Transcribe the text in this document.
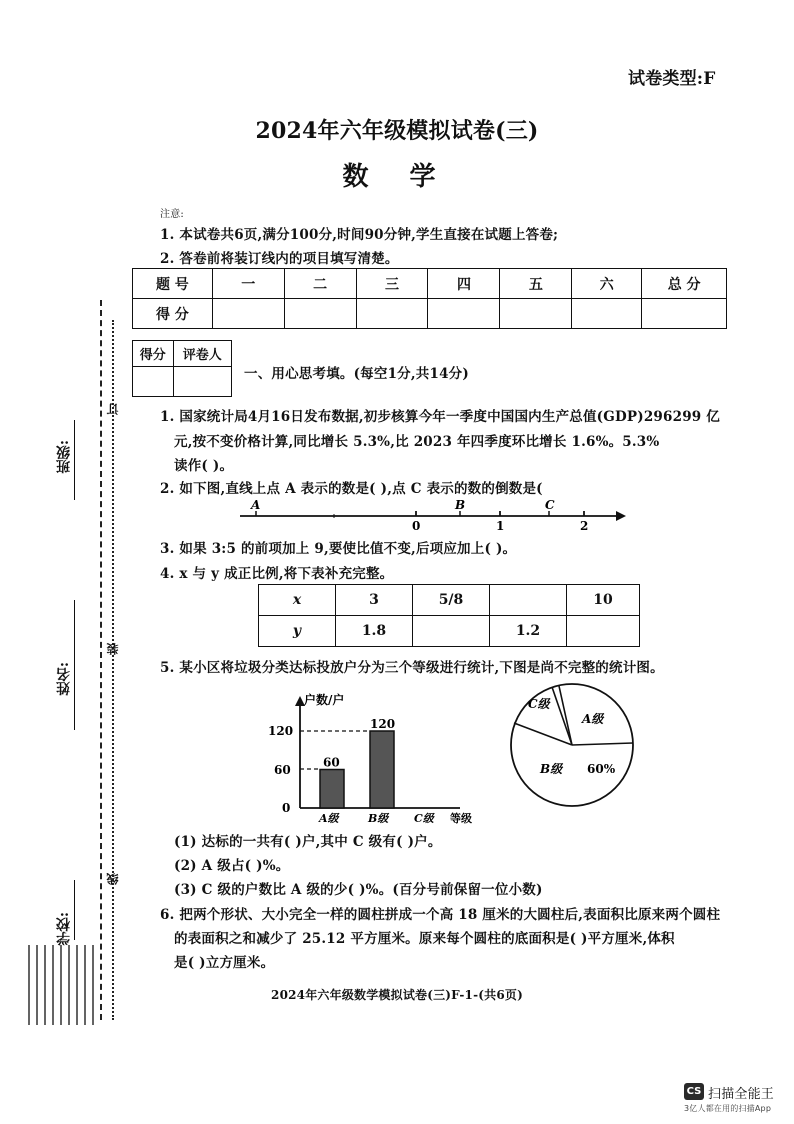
试卷类型:F
2024年六年级模拟试卷(三)
数 学
注意:
1. 本试卷共6页,满分100分,时间90分钟,学生直接在试题上答卷;
2. 答卷前将装订线内的项目填写清楚。
题 号	一	二	三	四	五	六	总 分
得 分							
得分	评卷人

一、用心思考填。(每空1分,共14分)
1. 国家统计局4月16日发布数据,初步核算今年一季度中国国内生产总值(GDP)296299 亿
元,按不变价格计算,同比增长 5.3%,比 2023 年四季度环比增长 1.6%。5.3%
读作( )。
2. 如下图,直线上点 A 表示的数是( ),点 C 表示的数的倒数是(
A	B	C
0	1	2
3. 如果 3:5 的前项加上 9,要使比值不变,后项应加上( )。
4. x 与 y 成正比例,将下表补充完整。
x	3	5/8		10
y	1.8		1.2	
5. 某小区将垃圾分类达标投放户分为三个等级进行统计,下图是尚不完整的统计图。
户数/户
120
60
0
60
120
A级	B级 C级 等级
C级
A级
B级 60%
(1) 达标的一共有( )户,其中 C 级有( )户。
(2) A 级占( )%。
(3) C 级的户数比 A 级的少( )%。(百分号前保留一位小数)
6. 把两个形状、大小完全一样的圆柱拼成一个高 18 厘米的大圆柱后,表面积比原来两个圆柱
的表面积之和减少了 25.12 平方厘米。原来每个圆柱的底面积是( )平方厘米,体积
是( )立方厘米。
2024年六年级数学模拟试卷(三)F-1-(共6页)
班级:
姓名:
学校:
订
装
线
CS 扫描全能王
3亿人都在用的扫描App
